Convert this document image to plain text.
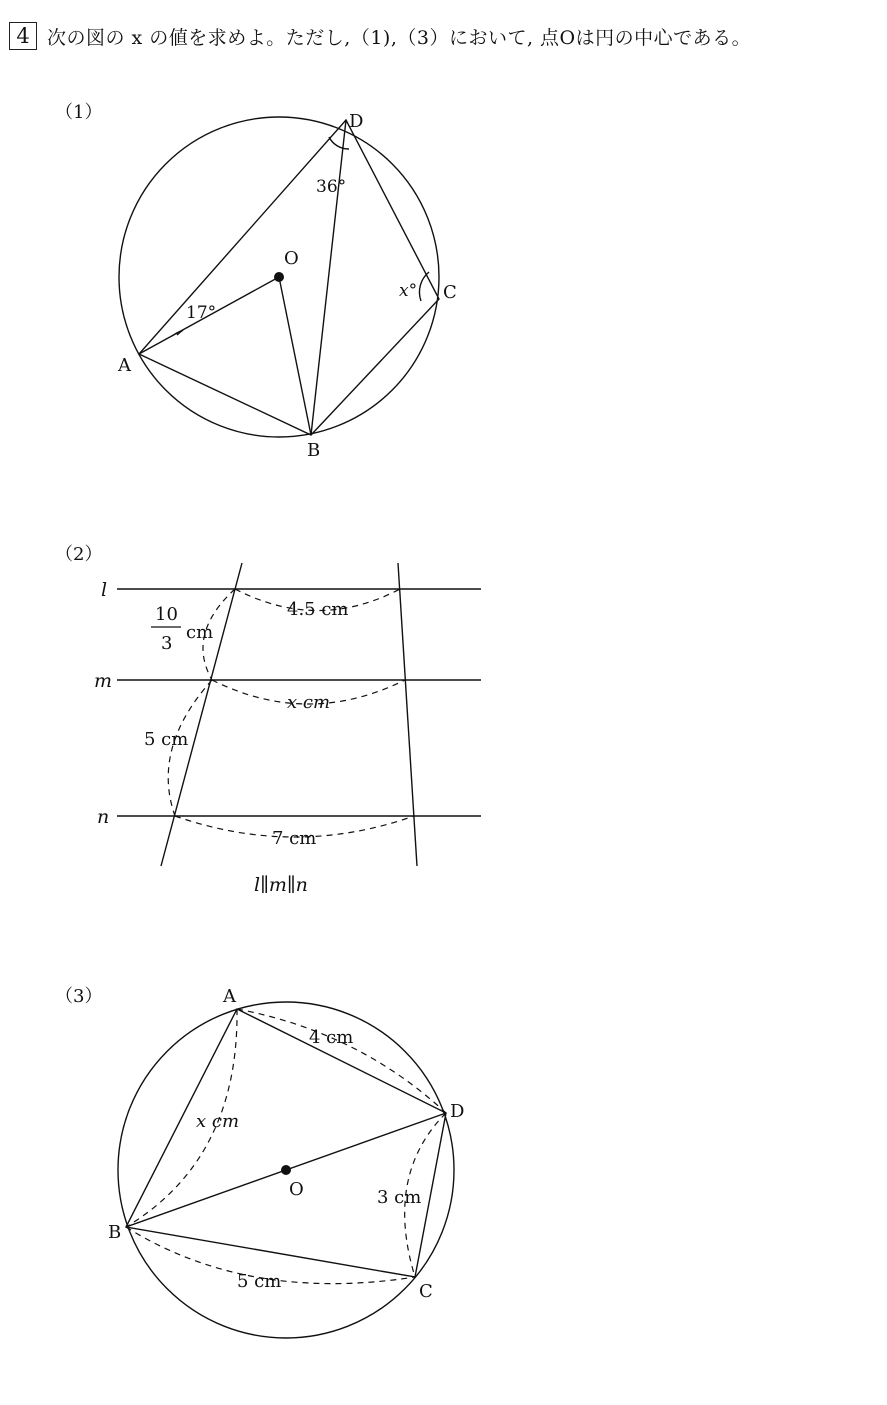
4 次の図の x の値を求めよ。ただし,（1),（3）において, 点Oは円の中心である。
（1）
（2）
（3）
D
O
C
A
B
36°
17°
x°
l
m
n
10
3
cm
5 cm
4.5 cm
x cm
7 cm
l∥m∥n
A
D
O
B
C
4 cm
x cm
3 cm
5 cm
